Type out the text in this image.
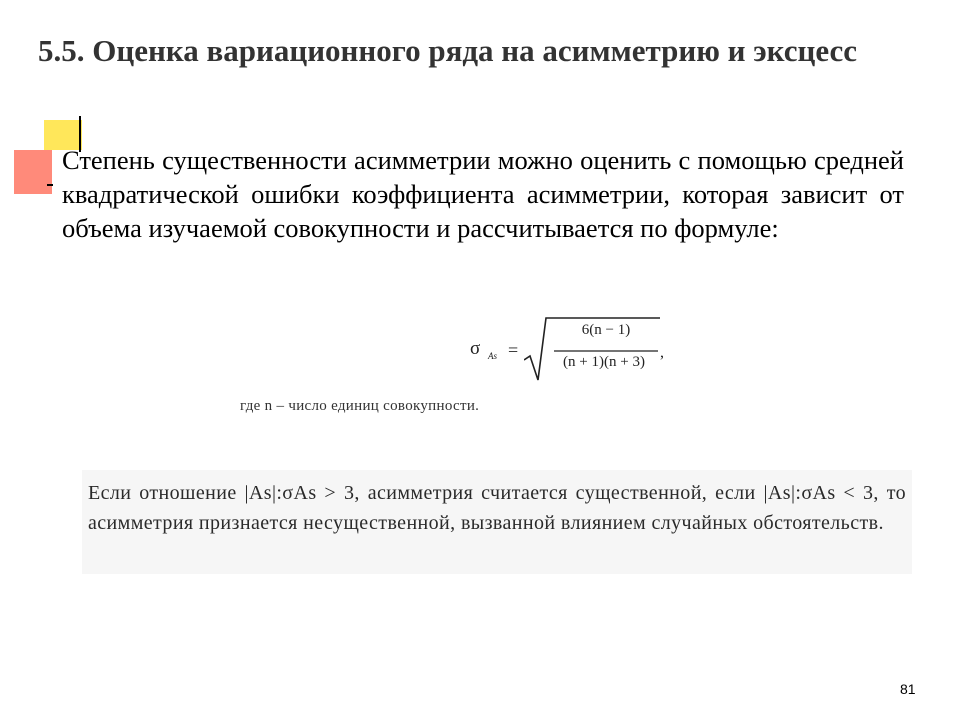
5.5. Оценка вариационного ряда на асимметрию и эксцесс

Степень существенности асимметрии можно оценить с помощью средней квадратической ошибки коэффициента асимметрии, которая зависит от объема изучаемой совокупности и рассчитывается по формуле:

σ As =
6(n − 1)
(n + 1)(n + 3)
,

где n – число единиц совокупности.

Если отношение |As|:σAs > 3, асимметрия считается существенной, если |As|:σAs < 3, то асимметрия признается несущественной, вызванной влиянием случайных обстоятельств.

81
